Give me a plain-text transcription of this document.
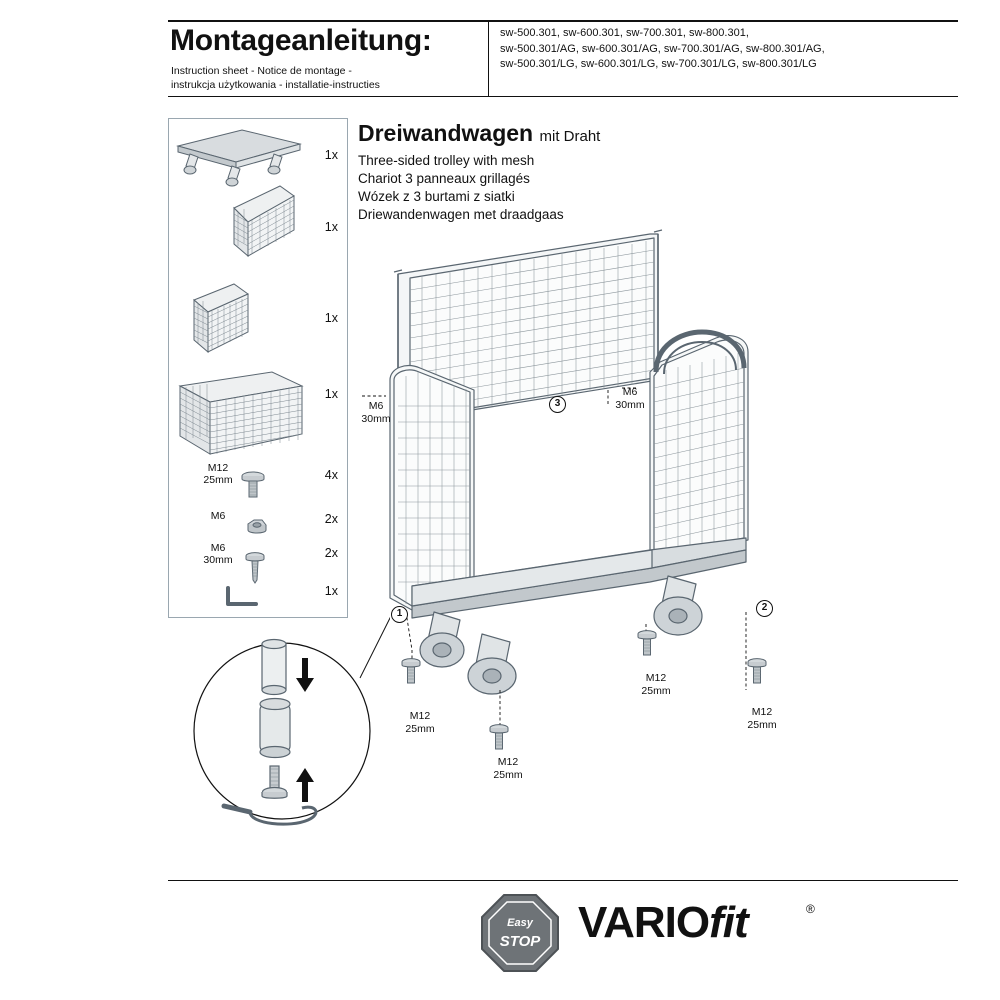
Montageanleitung:
Instruction sheet - Notice de montage -
instrukcja użytkowania - installatie-instructies
sw-500.301, sw-600.301, sw-700.301, sw-800.301,
sw-500.301/AG, sw-600.301/AG, sw-700.301/AG, sw-800.301/AG,
sw-500.301/LG, sw-600.301/LG, sw-700.301/LG, sw-800.301/LG
Dreiwandwagen mit Draht
Three-sided trolley with mesh
Chariot 3 panneaux grillagés
Wózek z 3 burtami z siatki
Driewandenwagen met draadgaas
1x
1x
1x
1x
4x
2x
2x
1x
M12
25mm
M6
M6
30mm
M6
30mm
M6
30mm
M12
25mm
M12
25mm
M12
25mm
M12
25mm
1
2
3
Easy
STOP VARIOfit	®
